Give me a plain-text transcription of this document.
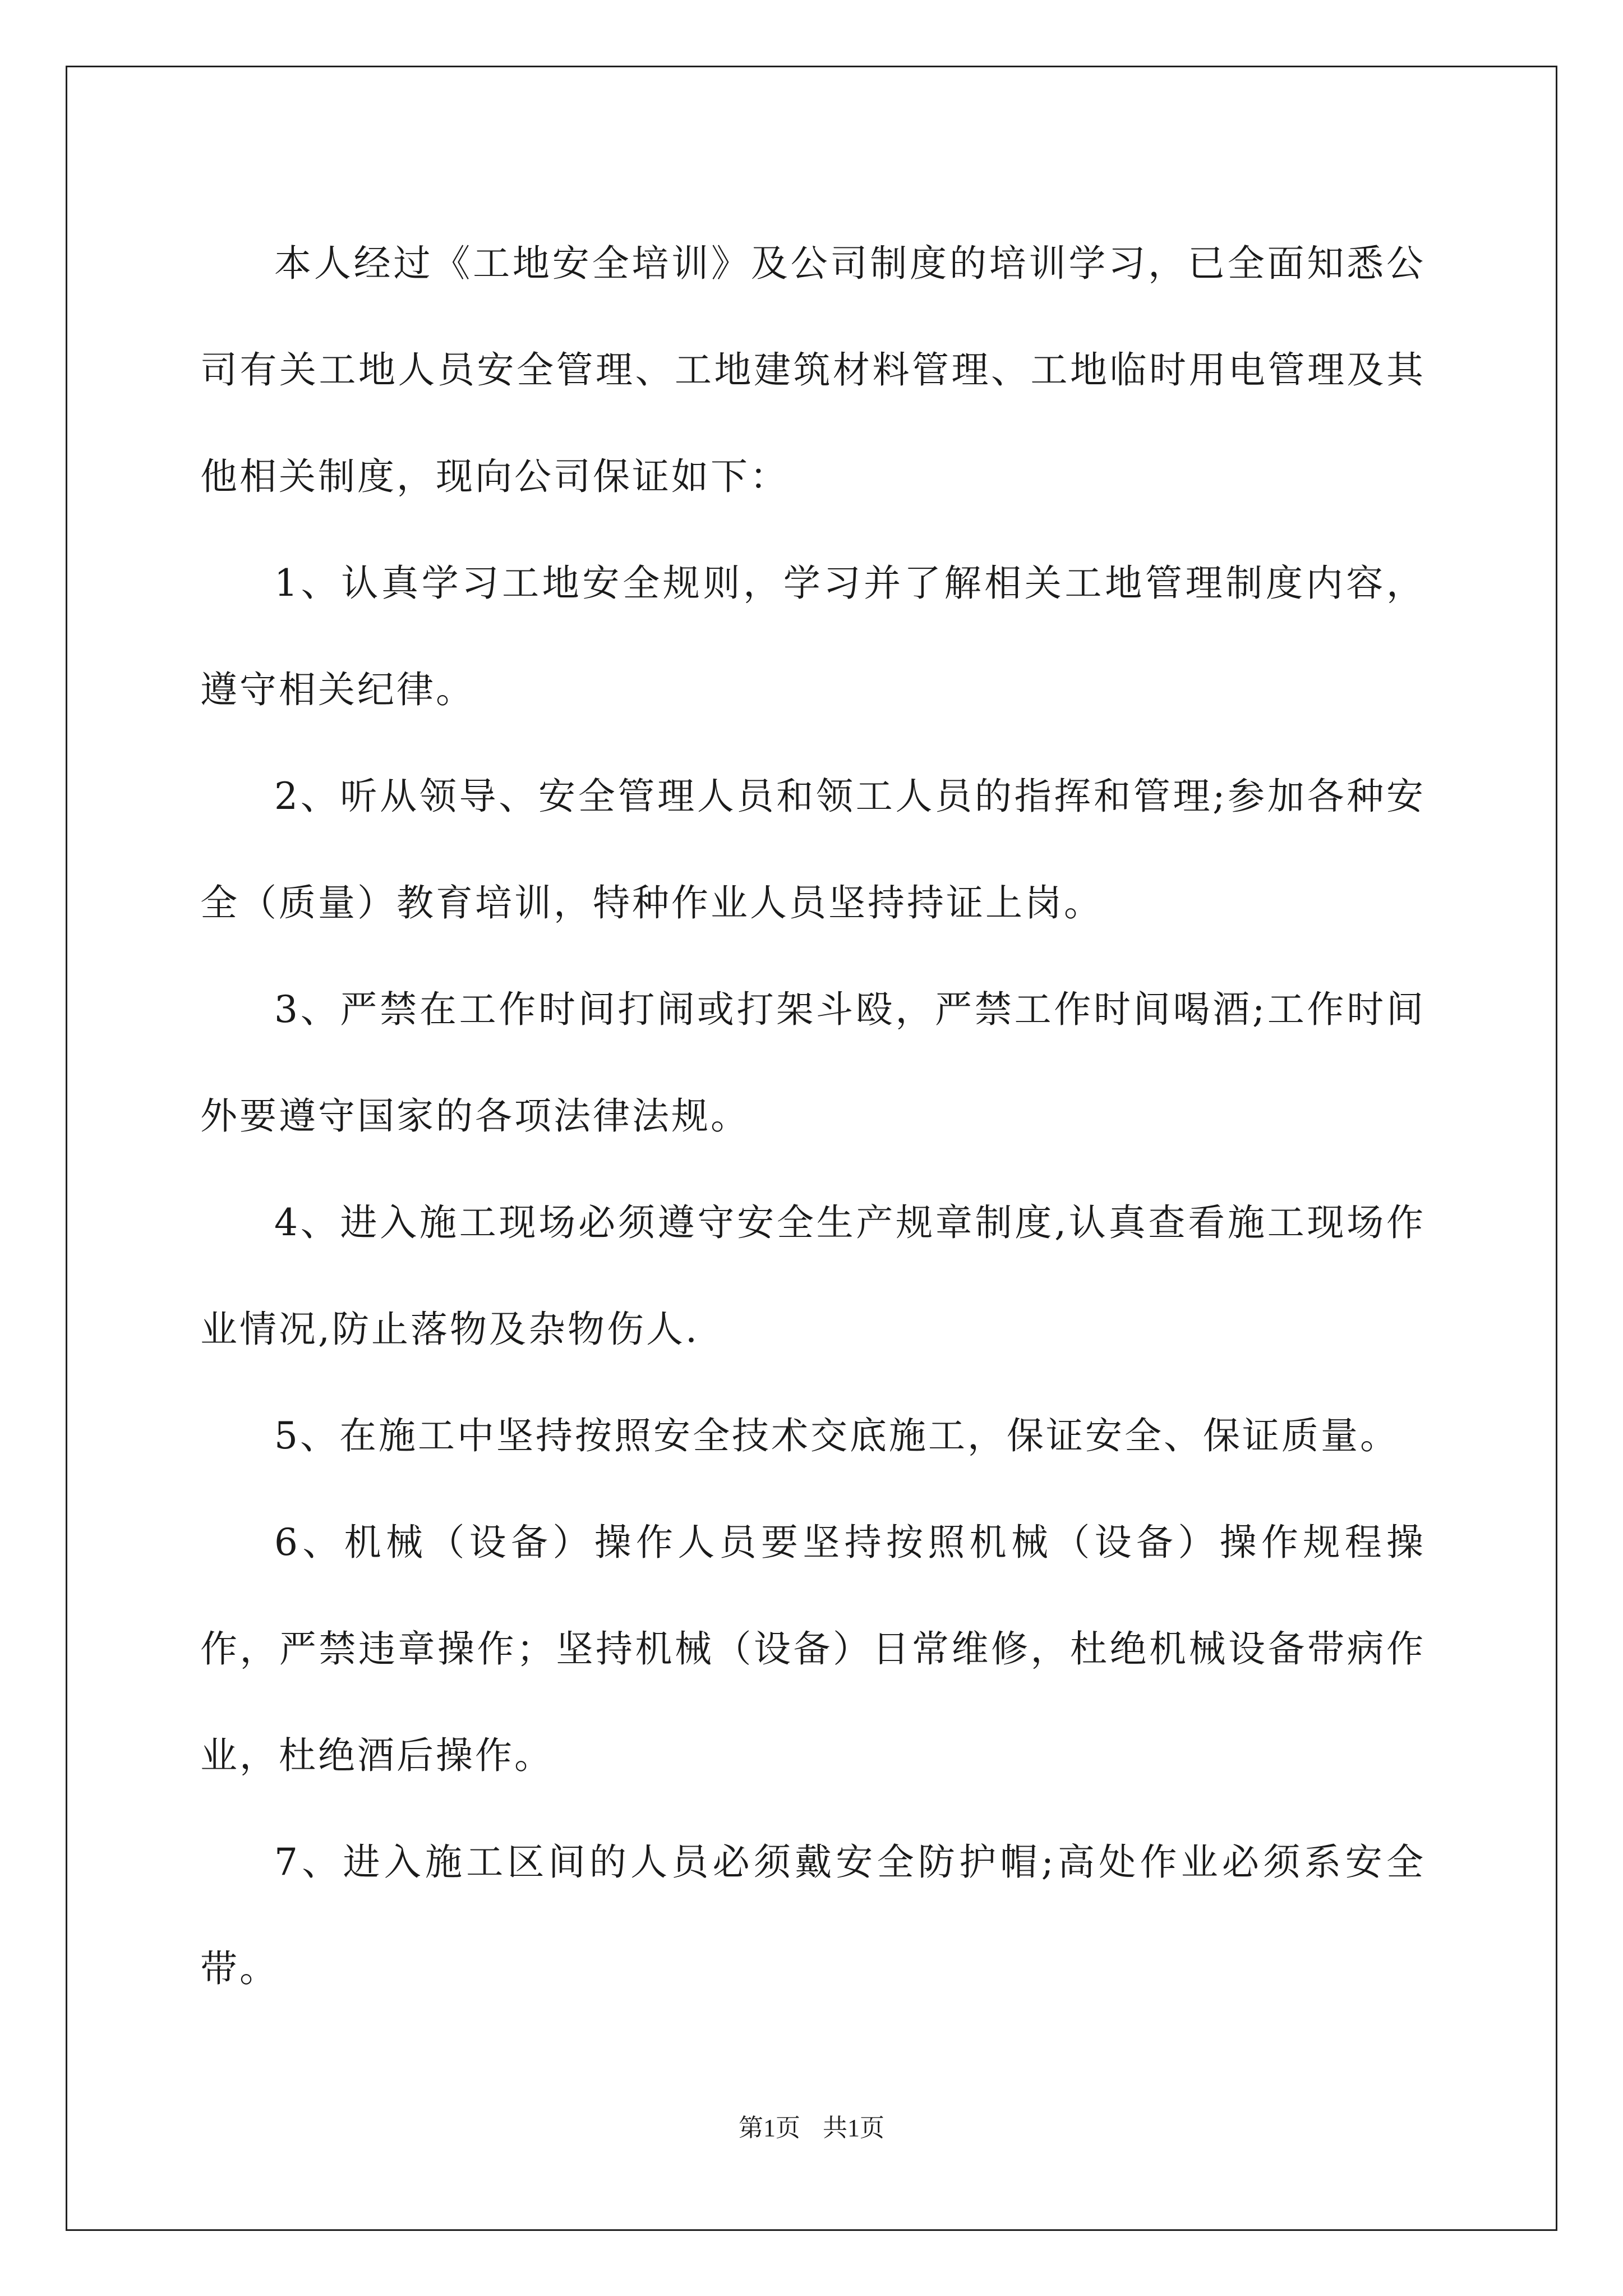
本人经过《工地安全培训》及公司制度的培训学习，已全面知悉公司有关工地人员安全管理、工地建筑材料管理、工地临时用电管理及其他相关制度，现向公司保证如下：

1、认真学习工地安全规则，学习并了解相关工地管理制度内容，遵守相关纪律。

2、听从领导、安全管理人员和领工人员的指挥和管理;参加各种安全（质量）教育培训，特种作业人员坚持持证上岗。

3、严禁在工作时间打闹或打架斗殴，严禁工作时间喝酒;工作时间外要遵守国家的各项法律法规。

4、进入施工现场必须遵守安全生产规章制度,认真查看施工现场作业情况,防止落物及杂物伤人.

5、在施工中坚持按照安全技术交底施工，保证安全、保证质量。

6、机械（设备）操作人员要坚持按照机械（设备）操作规程操作，严禁违章操作；坚持机械（设备）日常维修，杜绝机械设备带病作业，杜绝酒后操作。

7、进入施工区间的人员必须戴安全防护帽;高处作业必须系安全带。

第1页 共1页
